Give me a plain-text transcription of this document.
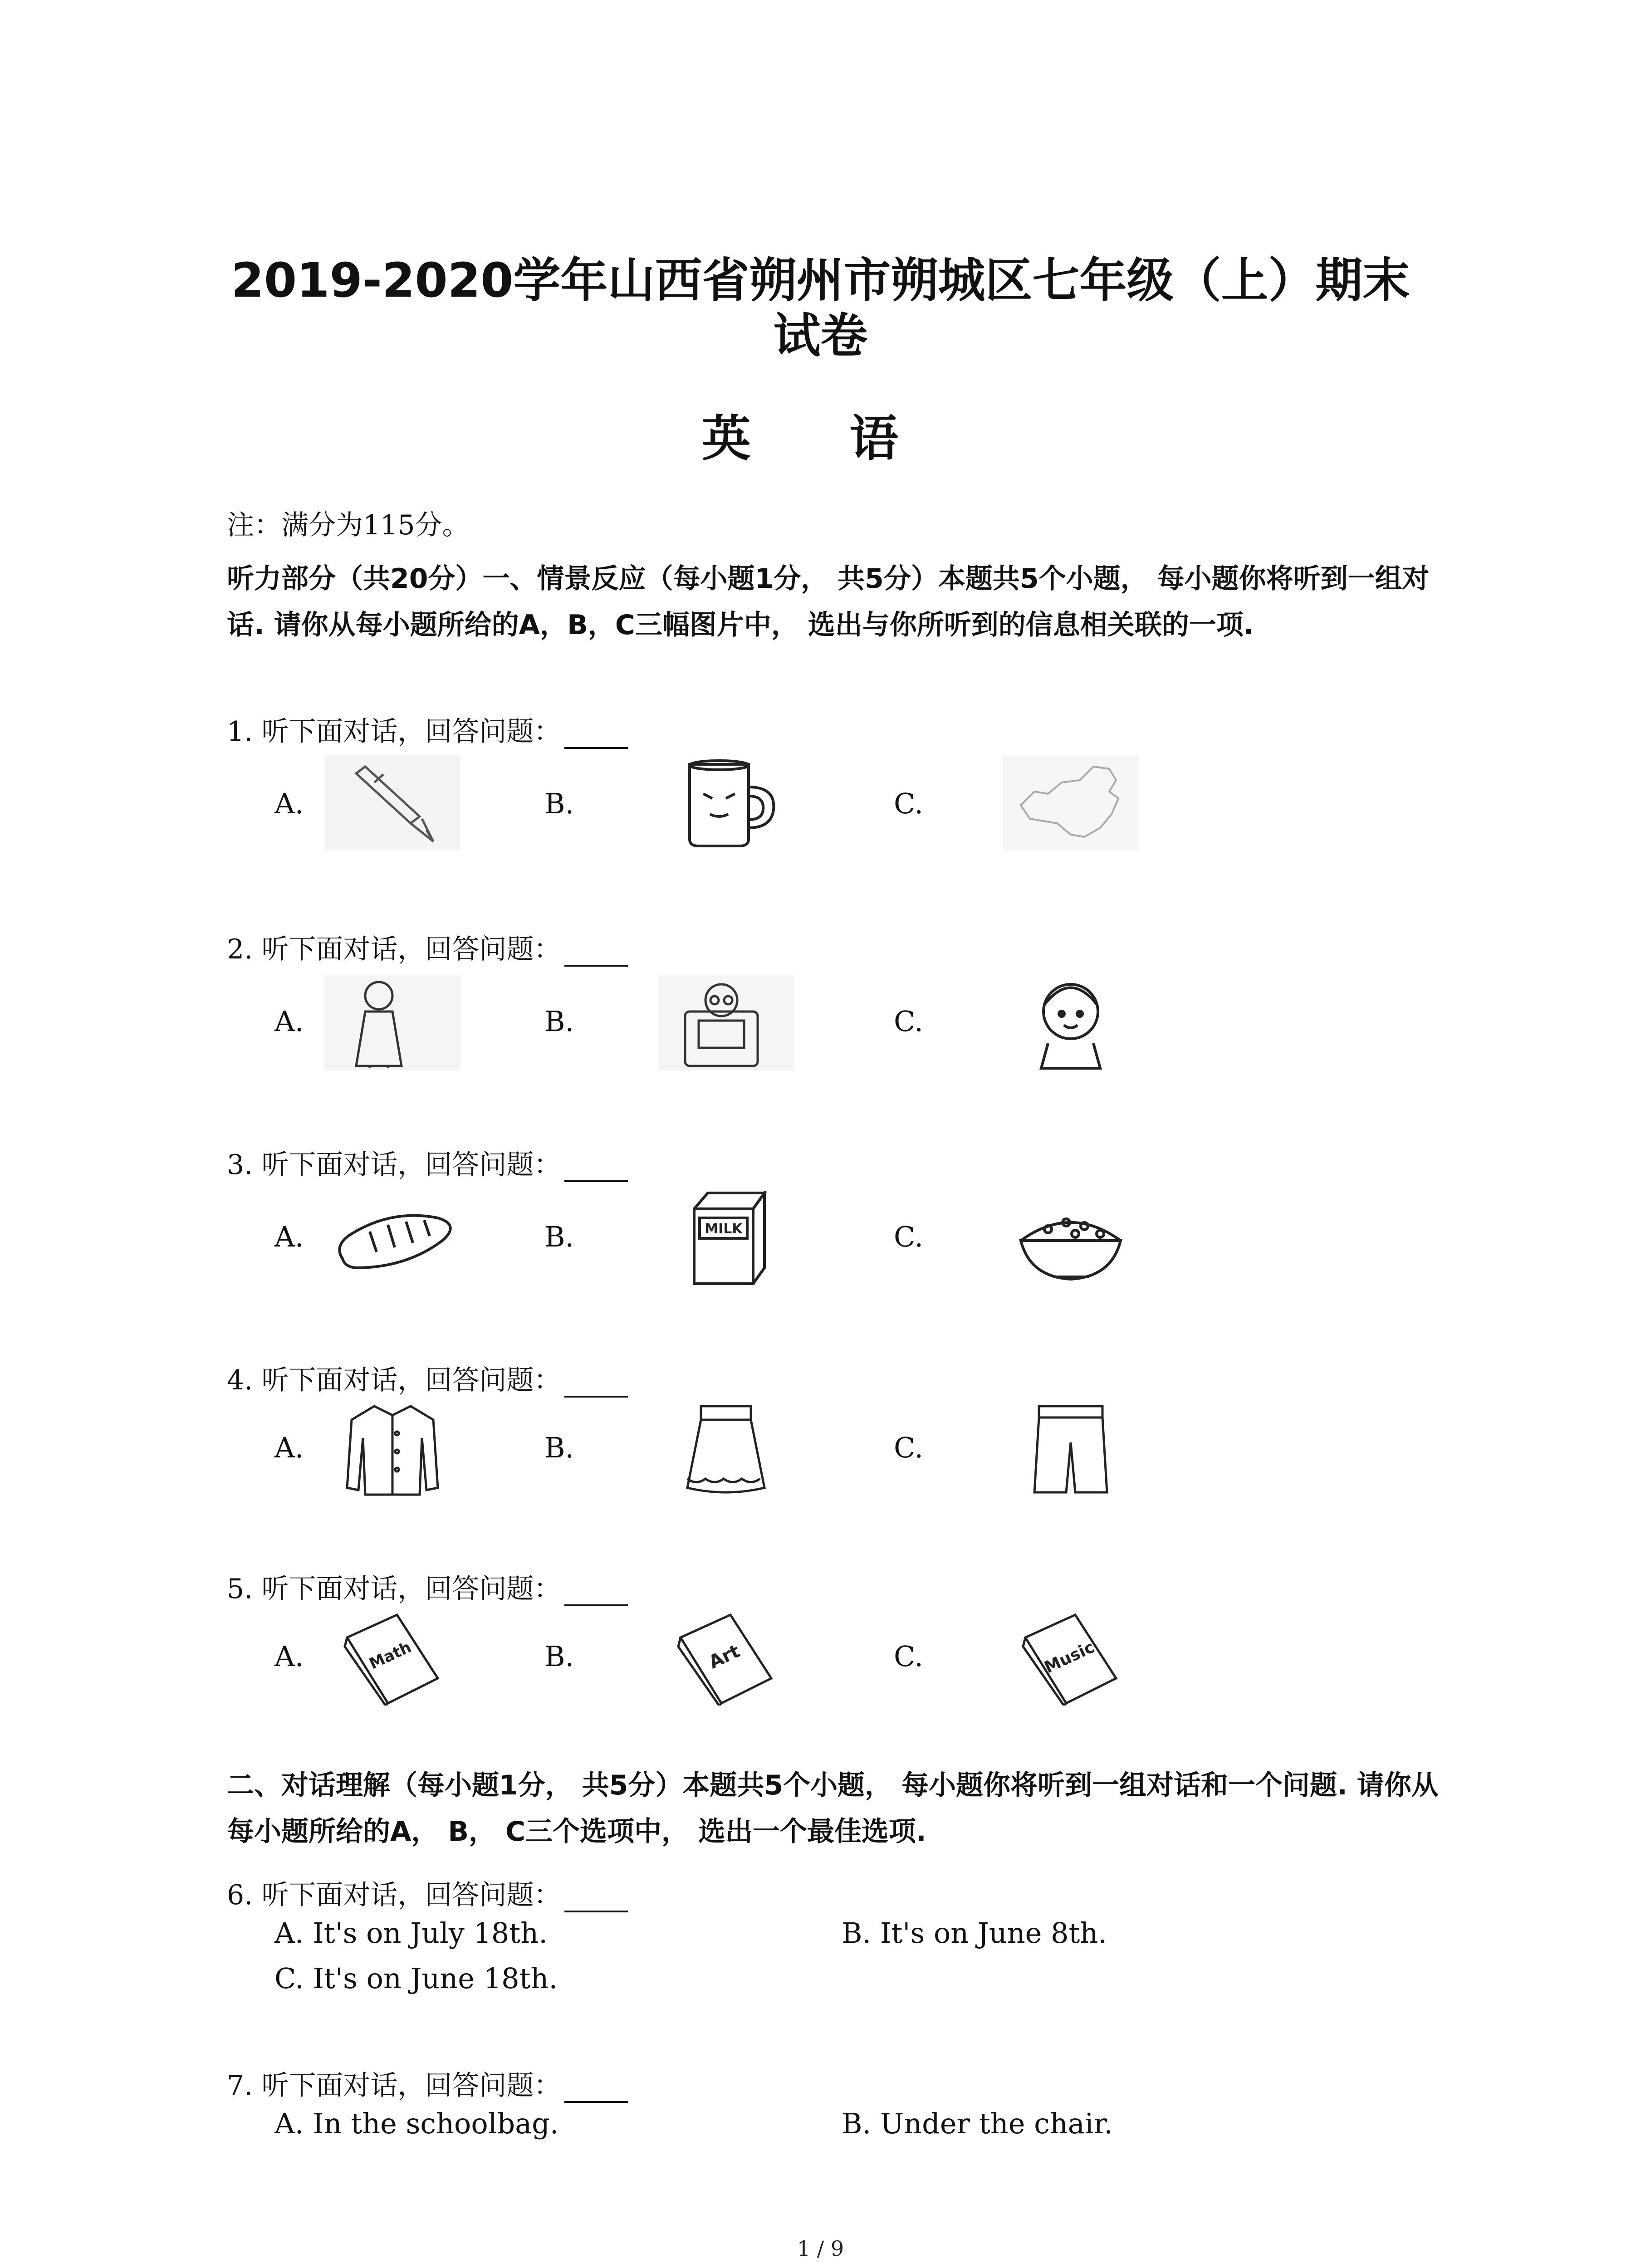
2019-2020学年山西省朔州市朔城区七年级（上）期末
试卷
英 语
注：满分为115分。
听力部分（共20分）一、情景反应（每小题1分， 共5分）本题共5个小题， 每小题你将听到一组对话. 请你从每小题所给的A，B，C三幅图片中， 选出与你所听到的信息相关联的一项.
1. 听下面对话，回答问题：
A.	B.	C.
2. 听下面对话，回答问题：
A.	B.	C.
3. 听下面对话，回答问题：
A.	B.	MILK	C.
4. 听下面对话，回答问题：
A.	B.	C.
5. 听下面对话，回答问题：
A.	Math	B.	Art	C.	Music
二、对话理解（每小题1分， 共5分）本题共5个小题， 每小题你将听到一组对话和一个问题. 请你从每小题所给的A， B， C三个选项中， 选出一个最佳选项.
6. 听下面对话，回答问题：
A. It's on July 18th.	B. It's on June 8th.
C. It's on June 18th.
7. 听下面对话，回答问题：
A. In the schoolbag.	B. Under the chair.
1 / 9
